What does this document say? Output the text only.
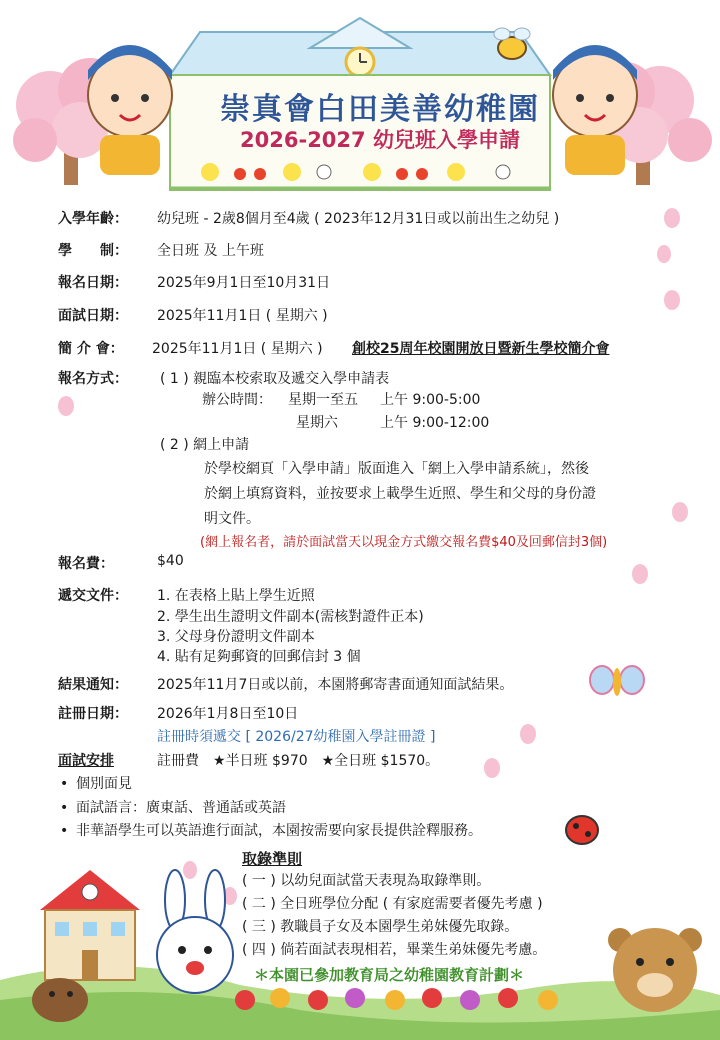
崇真會白田美善幼稚園
2026-2027 幼兒班入學申請
入學年齡： 幼兒班 - 2歲8個月至4歲 ( 2023年12月31日或以前出生之幼兒 )
學　　制： 全日班 及 上午班
報名日期： 2025年9月1日至10月31日
面試日期： 2025年11月1日 ( 星期六 )
簡 介 會： 2025年11月1日 ( 星期六 ) 創校25周年校園開放日暨新生學校簡介會
報名方式： ( 1 ) 親臨本校索取及遞交入學申請表
辦公時間： 星期一至五 上午 9:00-5:00
星期六	上午 9:00-12:00
( 2 ) 網上申請
於學校網頁「入學申請」版面進入「網上入學申請系統」，然後
於網上填寫資料，並按要求上載學生近照、學生和父母的身份證
明文件。
(網上報名者，請於面試當天以現金方式繳交報名費$40及回郵信封3個)
報名費：	$40
遞交文件： 1. 在表格上貼上學生近照
2. 學生出生證明文件副本(需核對證件正本)
3. 父母身份證明文件副本
4. 貼有足夠郵資的回郵信封 3 個
結果通知： 2025年11月7日或以前，本園將郵寄書面通知面試結果。
註冊日期： 2026年1月8日至10日
註冊時須遞交 [ 2026/27幼稚園入學註冊證 ]
面試安排	註冊費　★半日班 $970　★全日班 $1570。
• 個別面見
• 面試語言：廣東話、普通話或英語
• 非華語學生可以英語進行面試，本園按需要向家長提供詮釋服務。
取錄準則
( 一 ) 以幼兒面試當天表現為取錄準則。
( 二 ) 全日班學位分配 ( 有家庭需要者優先考慮 )
( 三 ) 教職員子女及本園學生弟妹優先取錄。
( 四 ) 倘若面試表現相若，畢業生弟妹優先考慮。
＊本園已參加教育局之幼稚園教育計劃＊
